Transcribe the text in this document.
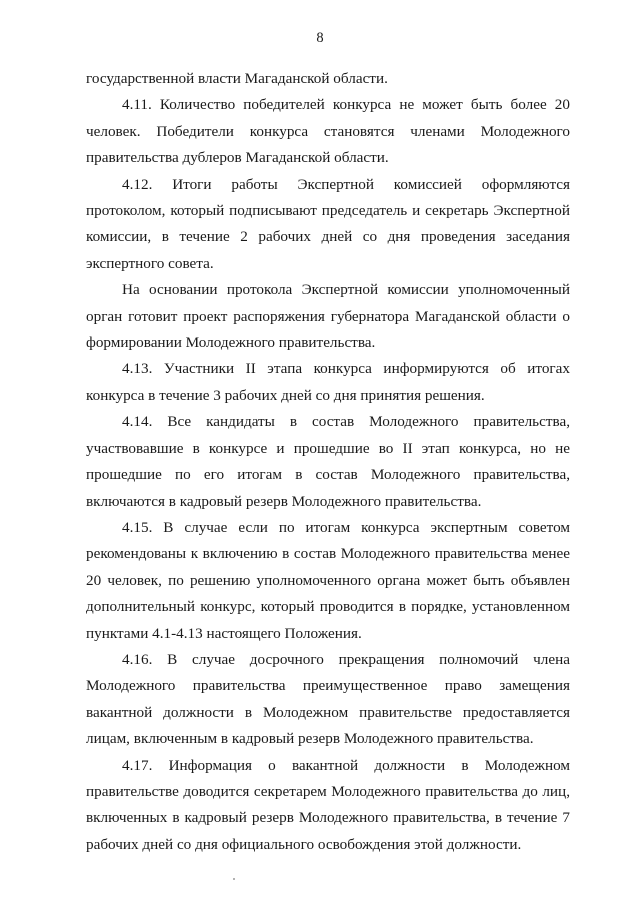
8

государственной власти Магаданской области.

4.11. Количество победителей конкурса не может быть более 20 человек. Победители конкурса становятся членами Молодежного правительства дублеров Магаданской области.

4.12. Итоги работы Экспертной комиссией оформляются протоколом, который подписывают председатель и секретарь Экспертной комиссии, в течение 2 рабочих дней со дня проведения заседания экспертного совета.

На основании протокола Экспертной комиссии уполномоченный орган готовит проект распоряжения губернатора Магаданской области о формировании Молодежного правительства.

4.13. Участники II этапа конкурса информируются об итогах конкурса в течение 3 рабочих дней со дня принятия решения.

4.14. Все кандидаты в состав Молодежного правительства, участвовавшие в конкурсе и прошедшие во II этап конкурса, но не прошедшие по его итогам в состав Молодежного правительства, включаются в кадровый резерв Молодежного правительства.

4.15. В случае если по итогам конкурса экспертным советом рекомендованы к включению в состав Молодежного правительства менее 20 человек, по решению уполномоченного органа может быть объявлен дополнительный конкурс, который проводится в порядке, установленном пунктами 4.1-4.13 настоящего Положения.

4.16. В случае досрочного прекращения полномочий члена Молодежного правительства преимущественное право замещения вакантной должности в Молодежном правительстве предоставляется лицам, включенным в кадровый резерв Молодежного правительства.

4.17. Информация о вакантной должности в Молодежном правительстве доводится секретарем Молодежного правительства до лиц, включенных в кадровый резерв Молодежного правительства, в течение 7 рабочих дней со дня официального освобождения этой должности.
